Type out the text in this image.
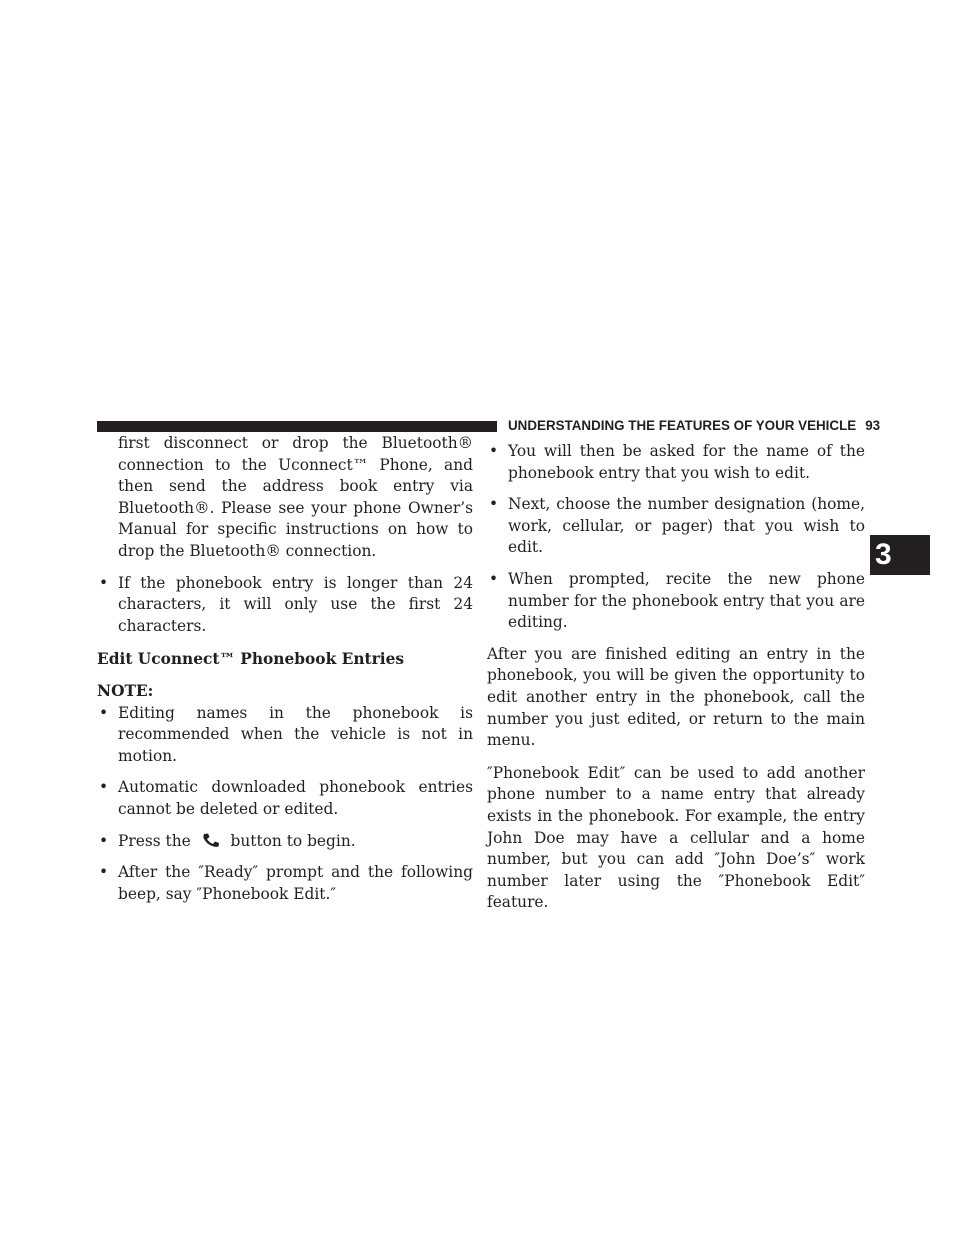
UNDERSTANDING THE FEATURES OF YOUR VEHICLE 93
3

first disconnect or drop the Bluetooth® connection to the Uconnect™ Phone, and then send the address book entry via Bluetooth®. Please see your phone Owner’s Manual for specific instructions on how to drop the Bluetooth® connection.

• If the phonebook entry is longer than 24 characters, it will only use the first 24 characters.

Edit Uconnect™ Phonebook Entries

NOTE:

• Editing names in the phonebook is recommended when the vehicle is not in motion.
• Automatic downloaded phonebook entries cannot be deleted or edited.
• Press the	button to begin.
• After the ″Ready″ prompt and the following beep, say ″Phonebook Edit.″
• You will then be asked for the name of the phonebook entry that you wish to edit.
• Next, choose the number designation (home, work, cellular, or pager) that you wish to edit.
• When prompted, recite the new phone number for the phonebook entry that you are editing.

After you are finished editing an entry in the phonebook, you will be given the opportunity to edit another entry in the phonebook, call the number you just edited, or return to the main menu.

″Phonebook Edit″ can be used to add another phone number to a name entry that already exists in the phonebook. For example, the entry John Doe may have a cellular and a home number, but you can add ″John Doe’s″ work number later using the ″Phonebook Edit″ feature.
